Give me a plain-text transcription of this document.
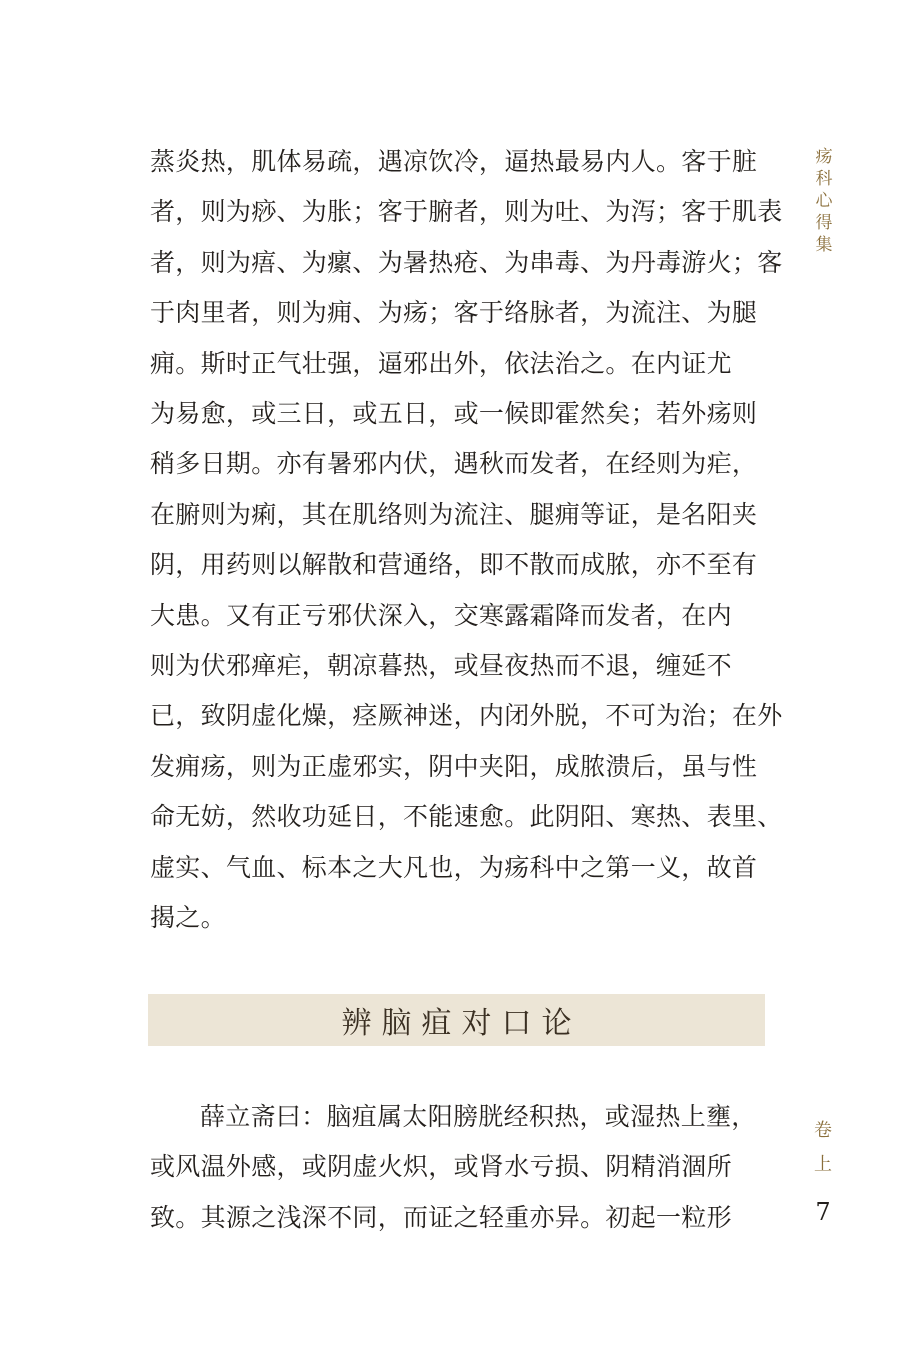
疡科心得集
蒸炎热，肌体易疏，遇凉饮冷，逼热最易内人。客于脏
者，则为痧、为胀；客于腑者，则为吐、为泻；客于肌表
者，则为痦、为瘰、为暑热疮、为串毒、为丹毒游火；客
于肉里者，则为痈、为疡；客于络脉者，为流注、为腿
痈。斯时正气壮强，逼邪出外，依法治之。在内证尤
为易愈，或三日，或五日，或一候即霍然矣；若外疡则
稍多日期。亦有暑邪内伏，遇秋而发者，在经则为疟，
在腑则为痢，其在肌络则为流注、腿痈等证，是名阳夹
阴，用药则以解散和营通络，即不散而成脓，亦不至有
大患。又有正亏邪伏深入，交寒露霜降而发者，在内
则为伏邪瘅疟，朝凉暮热，或昼夜热而不退，缠延不
已，致阴虚化燥，痉厥神迷，内闭外脱，不可为治；在外
发痈疡，则为正虚邪实，阴中夹阳，成脓溃后，虽与性
命无妨，然收功延日，不能速愈。此阴阳、寒热、表里、
虚实、气血、标本之大凡也，为疡科中之第一义，故首
揭之。
辨脑疽对口论
薛立斋曰：脑疽属太阳膀胱经积热，或湿热上壅，
或风温外感，或阴虚火炽，或肾水亏损、阴精消涸所
致。其源之浅深不同，而证之轻重亦异。初起一粒形
卷上
7
